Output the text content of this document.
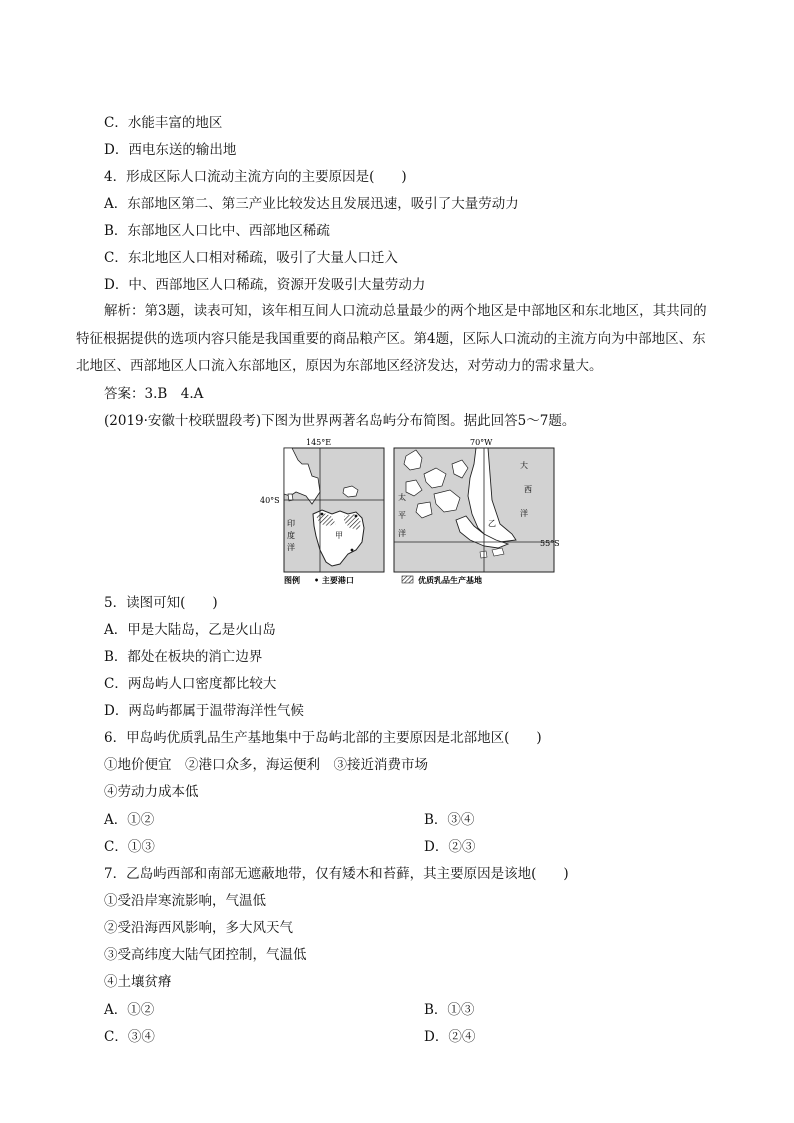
C．水能丰富的地区
D．西电东送的输出地
4．形成区际人口流动主流方向的主要原因是(　　)
A．东部地区第二、第三产业比较发达且发展迅速，吸引了大量劳动力
B．东部地区人口比中、西部地区稀疏
C．东北地区人口相对稀疏，吸引了大量人口迁入
D．中、西部地区人口稀疏，资源开发吸引大量劳动力
解析：第3题，读表可知，该年相互间人口流动总量最少的两个地区是中部地区和东北地区，其共同的特征根据提供的选项内容只能是我国重要的商品粮产区。第4题，区际人口流动的主流方向为中部地区、东北地区、西部地区人口流入东部地区，原因为东部地区经济发达，对劳动力的需求量大。
答案：3.B　4.A
(2019·安徽十校联盟段考)下图为世界两著名岛屿分布简图。据此回答5～7题。
145°E
40°S
甲
印
度
洋
70°W
55°S
乙
太
平
洋
大
西
洋
图例 • 主要港口	优质乳品生产基地
5．读图可知(　　)
A．甲是大陆岛，乙是火山岛
B．都处在板块的消亡边界
C．两岛屿人口密度都比较大
D．两岛屿都属于温带海洋性气候
6．甲岛屿优质乳品生产基地集中于岛屿北部的主要原因是北部地区(　　)
①地价便宜　②港口众多，海运便利　③接近消费市场
④劳动力成本低
A．①②	B．③④
C．①③	D．②③
7．乙岛屿西部和南部无遮蔽地带，仅有矮木和苔藓，其主要原因是该地(　　)
①受沿岸寒流影响，气温低
②受沿海西风影响，多大风天气
③受高纬度大陆气团控制，气温低
④土壤贫瘠
A．①②	B．①③
C．③④	D．②④
